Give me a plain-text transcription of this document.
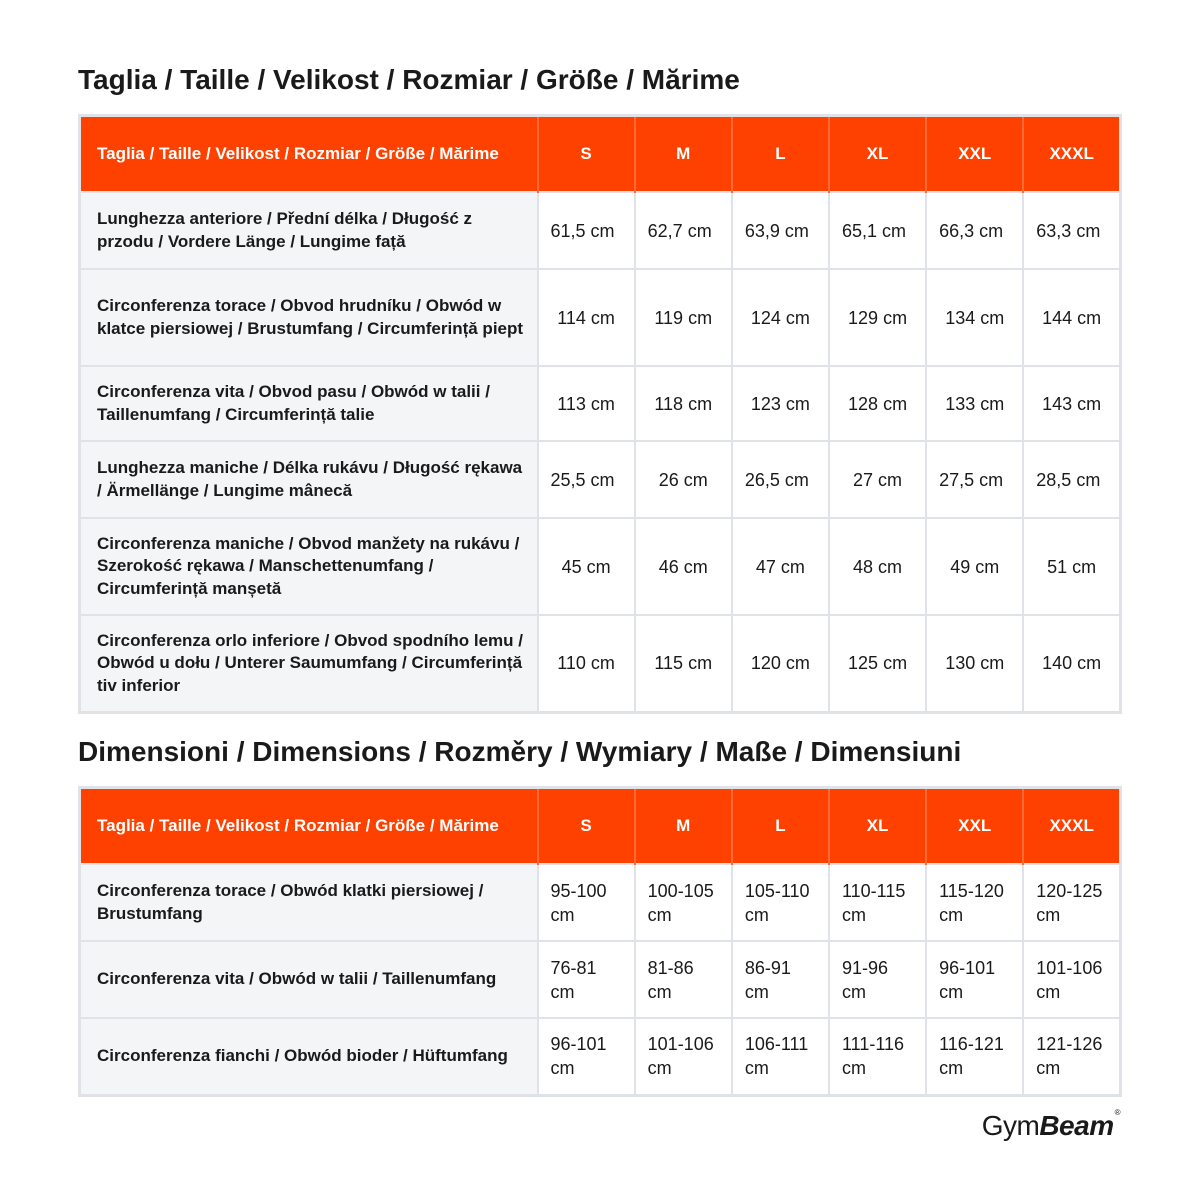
Taglia / Taille / Velikost / Rozmiar / Größe / Mărime
Taglia / Taille / Velikost / Rozmiar / Größe / Mărime	S	M	L	XL	XXL	XXXL
Lunghezza anteriore / Přední délka / Długość z przodu / Vordere Länge / Lungime față	61,5 cm	62,7 cm	63,9 cm	65,1 cm	66,3 cm	63,3 cm
Circonferenza torace / Obvod hrudníku / Obwód w klatce piersiowej / Brustumfang / Circumferință piept	114 cm	119 cm	124 cm	129 cm	134 cm	144 cm
Circonferenza vita / Obvod pasu / Obwód w talii / Taillenumfang / Circumferință talie	113 cm	118 cm	123 cm	128 cm	133 cm	143 cm
Lunghezza maniche / Délka rukávu / Długość rękawa / Ärmellänge / Lungime mânecă	25,5 cm	26 cm	26,5 cm	27 cm	27,5 cm	28,5 cm
Circonferenza maniche / Obvod manžety na rukávu / Szerokość rękawa / Manschettenumfang / Circumferință manșetă	45 cm	46 cm	47 cm	48 cm	49 cm	51 cm
Circonferenza orlo inferiore / Obvod spodního lemu / Obwód u dołu / Unterer Saumumfang / Circumferință tiv inferior	110 cm	115 cm	120 cm	125 cm	130 cm	140 cm
Dimensioni / Dimensions / Rozměry / Wymiary / Maße / Dimensiuni
Taglia / Taille / Velikost / Rozmiar / Größe / Mărime	S	M	L	XL	XXL	XXXL
Circonferenza torace / Obwód klatki piersiowej / Brustumfang	95-100 cm	100-105 cm	105-110 cm	110-115 cm	115-120 cm	120-125 cm
Circonferenza vita / Obwód w talii / Taillenumfang	76-81 cm	81-86 cm	86-91 cm	91-96 cm	96-101 cm	101-106 cm
Circonferenza fianchi / Obwód bioder / Hüftumfang	96-101 cm	101-106 cm	106-111 cm	111-116 cm	116-121 cm	121-126 cm
GymBeam®
